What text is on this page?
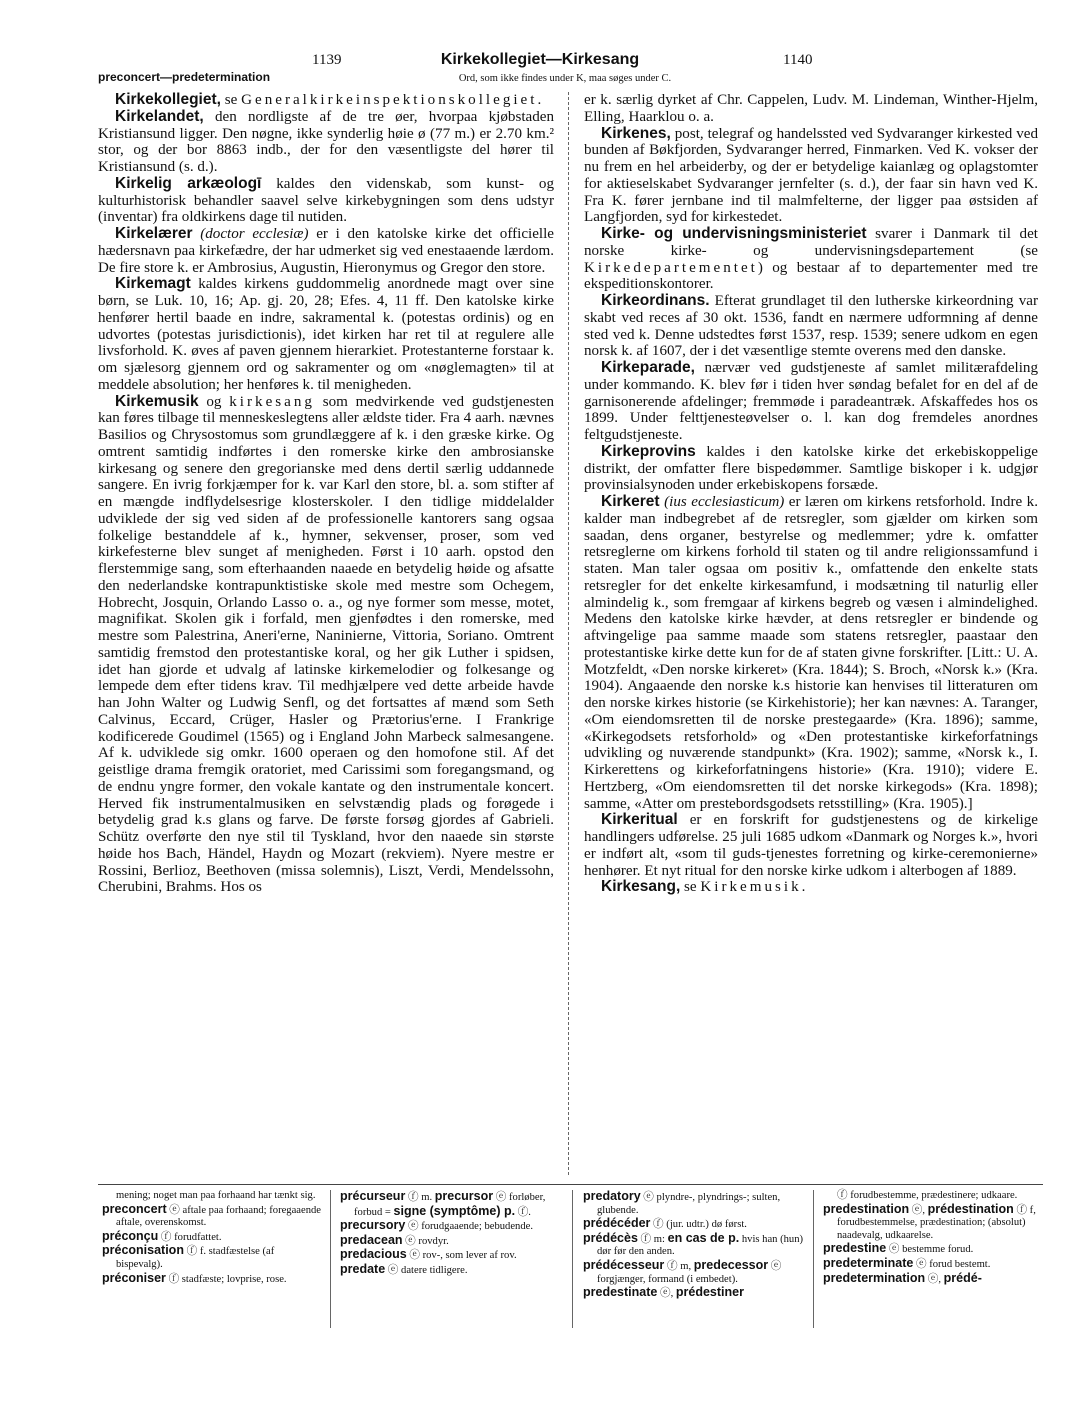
1139	Kirkekollegiet—Kirkesang	1140
preconcert—predetermination	Ord, som ikke findes under K, maa søges under C.

Kirkekollegiet, se Generalkirkeinspektionskollegiet.

Kirkelandet, den nordligste af de tre øer, hvorpaa kjøbstaden Kristiansund ligger. Den nøgne, ikke synderlig høie ø (77 m.) er 2.70 km.² stor, og der bor 8863 indb., der for den væsentligste del hører til Kristiansund (s. d.).

Kirkelig arkæologī kaldes den videnskab, som kunst- og kulturhistorisk behandler saavel selve kirkebygningen som dens udstyr (inventar) fra oldkirkens dage til nutiden.

Kirkelærer (doctor ecclesiæ) er i den katolske kirke det officielle hædersnavn paa kirkefædre, der har udmerket sig ved enestaaende lærdom. De fire store k. er Ambrosius, Augustin, Hieronymus og Gregor den store.

Kirkemagt kaldes kirkens guddommelig anordnede magt over sine børn, se Luk. 10, 16; Ap. gj. 20, 28; Efes. 4, 11 ff. Den katolske kirke henfører hertil baade en indre, sakramental k. (potestas ordinis) og en udvortes (potestas jurisdictionis), idet kirken har ret til at regulere alle livsforhold. K. øves af paven gjennem hierarkiet. Protestanterne forstaar k. om sjælesorg gjennem ord og sakramenter og om «nøglemagten» til at meddele absolution; her henføres k. til menigheden.

Kirkemusik og kirkesang som medvirkende ved gudstjenesten kan føres tilbage til menneskeslegtens aller ældste tider. Fra 4 aarh. nævnes Basilios og Chrysostomus som grundlæggere af k. i den græske kirke. Og omtrent samtidig indførtes i den romerske kirke den ambrosianske kirkesang og senere den gregorianske med dens dertil særlig uddannede sangere. En ivrig forkjæmper for k. var Karl den store, bl. a. som stifter af en mængde indflydelsesrige klosterskoler. I den tidlige middelalder udviklede der sig ved siden af de professionelle kantorers sang ogsaa folkelige bestanddele af k., hymner, sekvenser, proser, som ved kirkefesterne blev sunget af menigheden. Først i 10 aarh. opstod den flerstemmige sang, som efterhaanden naaede en betydelig høide og afsatte den nederlandske kontrapunktistiske skole med mestre som Ochegem, Hobrecht, Josquin, Orlando Lasso o. a., og nye former som messe, motet, magnifikat. Skolen gik i forfald, men gjenfødtes i den romerske, med mestre som Palestrina, Aneri'erne, Naninierne, Vittoria, Soriano. Omtrent samtidig fremstod den protestantiske koral, og her gik Luther i spidsen, idet han gjorde et udvalg af latinske kirkemelodier og folkesange og lempede dem efter tidens krav. Til medhjælpere ved dette arbeide havde han John Walter og Ludwig Senfl, og det fortsattes af mænd som Seth Calvinus, Eccard, Crüger, Hasler og Prætorius'erne. I Frankrige kodificerede Goudimel (1565) og i England John Marbeck salmesangene. Af k. udviklede sig omkr. 1600 operaen og den homofone stil. Af det geistlige drama fremgik oratoriet, med Carissimi som foregangsmand, og de endnu yngre former, den vokale kantate og den instrumentale koncert. Herved fik instrumentalmusiken en selvstændig plads og forøgede i betydelig grad k.s glans og farve. De første forsøg gjordes af Gabrieli. Schütz overførte den nye stil til Tyskland, hvor den naaede sin største høide hos Bach, Händel, Haydn og Mozart (rekviem). Nyere mestre er Rossini, Berlioz, Beethoven (missa solemnis), Liszt, Verdi, Mendelssohn, Cherubini, Brahms. Hos os

er k. særlig dyrket af Chr. Cappelen, Ludv. M. Lindeman, Winther-Hjelm, Elling, Haarklou o. a.

Kirkenes, post, telegraf og handelssted ved Sydvaranger kirkested ved bunden af Bøkfjorden, Sydvaranger herred, Finmarken. Ved K. vokser der nu frem en hel arbeiderby, og der er betydelige kaianlæg og oplagstomter for aktieselskabet Sydvaranger jernfelter (s. d.), der faar sin havn ved K. Fra K. fører jernbane ind til malmfelterne, der ligger paa østsiden af Langfjorden, syd for kirkestedet.

Kirke- og undervisningsministeriet svarer i Danmark til det norske kirke- og undervisningsdepartement (se Kirkedepartementet) og bestaar af to departementer med tre ekspeditionskontorer.

Kirkeordinans. Efterat grundlaget til den lutherske kirkeordning var skabt ved reces af 30 okt. 1536, fandt en nærmere udformning af denne sted ved k. Denne udstedtes først 1537, resp. 1539; senere udkom en egen norsk k. af 1607, der i det væsentlige stemte overens med den danske.

Kirkeparade, nærvær ved gudstjeneste af samlet militærafdeling under kommando. K. blev før i tiden hver søndag befalet for en del af de garnisonerende afdelinger; fremmøde i paradeantræk. Afskaffedes hos os 1899. Under felttjenesteøvelser o. l. kan dog fremdeles anordnes feltgudstjeneste.

Kirkeprovins kaldes i den katolske kirke det erkebiskoppelige distrikt, der omfatter flere bispedømmer. Samtlige biskoper i k. udgjør provinsialsynoden under erkebiskopens forsæde.

Kirkeret (ius ecclesiasticum) er læren om kirkens retsforhold. Indre k. kalder man indbegrebet af de retsregler, som gjælder om kirken som saadan, dens organer, bestyrelse og medlemmer; ydre k. omfatter retsreglerne om kirkens forhold til staten og til andre religionssamfund i staten. Man taler ogsaa om positiv k., omfattende den enkelte stats retsregler for det enkelte kirkesamfund, i modsætning til naturlig eller almindelig k., som fremgaar af kirkens begreb og væsen i almindelighed. Medens den katolske kirke hævder, at dens retsregler er bindende og aftvingelige paa samme maade som statens retsregler, paastaar den protestantiske kirke dette kun for de af staten givne forskrifter. [Litt.: U. A. Motzfeldt, «Den norske kirkeret» (Kra. 1844); S. Broch, «Norsk k.» (Kra. 1904). Angaaende den norske k.s historie kan henvises til litteraturen om den norske kirkes historie (se Kirkehistorie); her kan nævnes: A. Taranger, «Om eiendomsretten til de norske prestegaarde» (Kra. 1896); samme, «Kirkegodsets retsforhold» og «Den protestantiske kirkeforfatnings udvikling og nuværende standpunkt» (Kra. 1902); samme, «Norsk k., I. Kirkerettens og kirkeforfatningens historie» (Kra. 1910); videre E. Hertzberg, «Om eiendomsretten til det norske kirkegods» (Kra. 1898); samme, «Atter om prestebordsgodsets retsstilling» (Kra. 1905).]

Kirkeritual er en forskrift for gudstjenestens og de kirkelige handlingers udførelse. 25 juli 1685 udkom «Danmark og Norges k.», hvori er indført alt, «som til guds-tjenestes forretning og kirke-ceremonierne» henhører. Et nyt ritual for den norske kirke udkom i alterbogen af 1889.

Kirkesang, se Kirkemusik.

mening; noget man paa forhaand har tænkt sig.

preconcert ⓔ aftale paa forhaand; foregaaende aftale, overenskomst.

préconçu ⓕ forudfattet.

préconisation ⓕ f. stadfæstelse (af bispevalg).

préconiser ⓕ stadfæste; lovprise, rose.

précurseur ⓕ m. precursor ⓔ forløber, forbud = signe (symptôme) p. ⓕ.

precursory ⓔ forudgaaende; bebudende.

predacean ⓔ rovdyr.

predacious ⓔ rov-, som lever af rov.

predate ⓔ datere tidligere.

predatory ⓔ plyndre-, plyndrings-; sulten, glubende.

prédécéder ⓕ (jur. udtr.) dø først.

prédécès ⓕ m: en cas de p. hvis han (hun) dør før den anden.

prédécesseur ⓕ m, predecessor ⓔ forgjænger, formand (i embedet).

predestinate ⓔ, prédestiner

ⓕ forudbestemme, prædestinere; udkaare.

predestination ⓔ, prédestination ⓕ f, forudbestemmelse, prædestination; (absolut) naadevalg, udkaarelse.

predestine ⓔ bestemme forud.

predeterminate ⓔ forud bestemt.

predetermination ⓔ, prédé-
